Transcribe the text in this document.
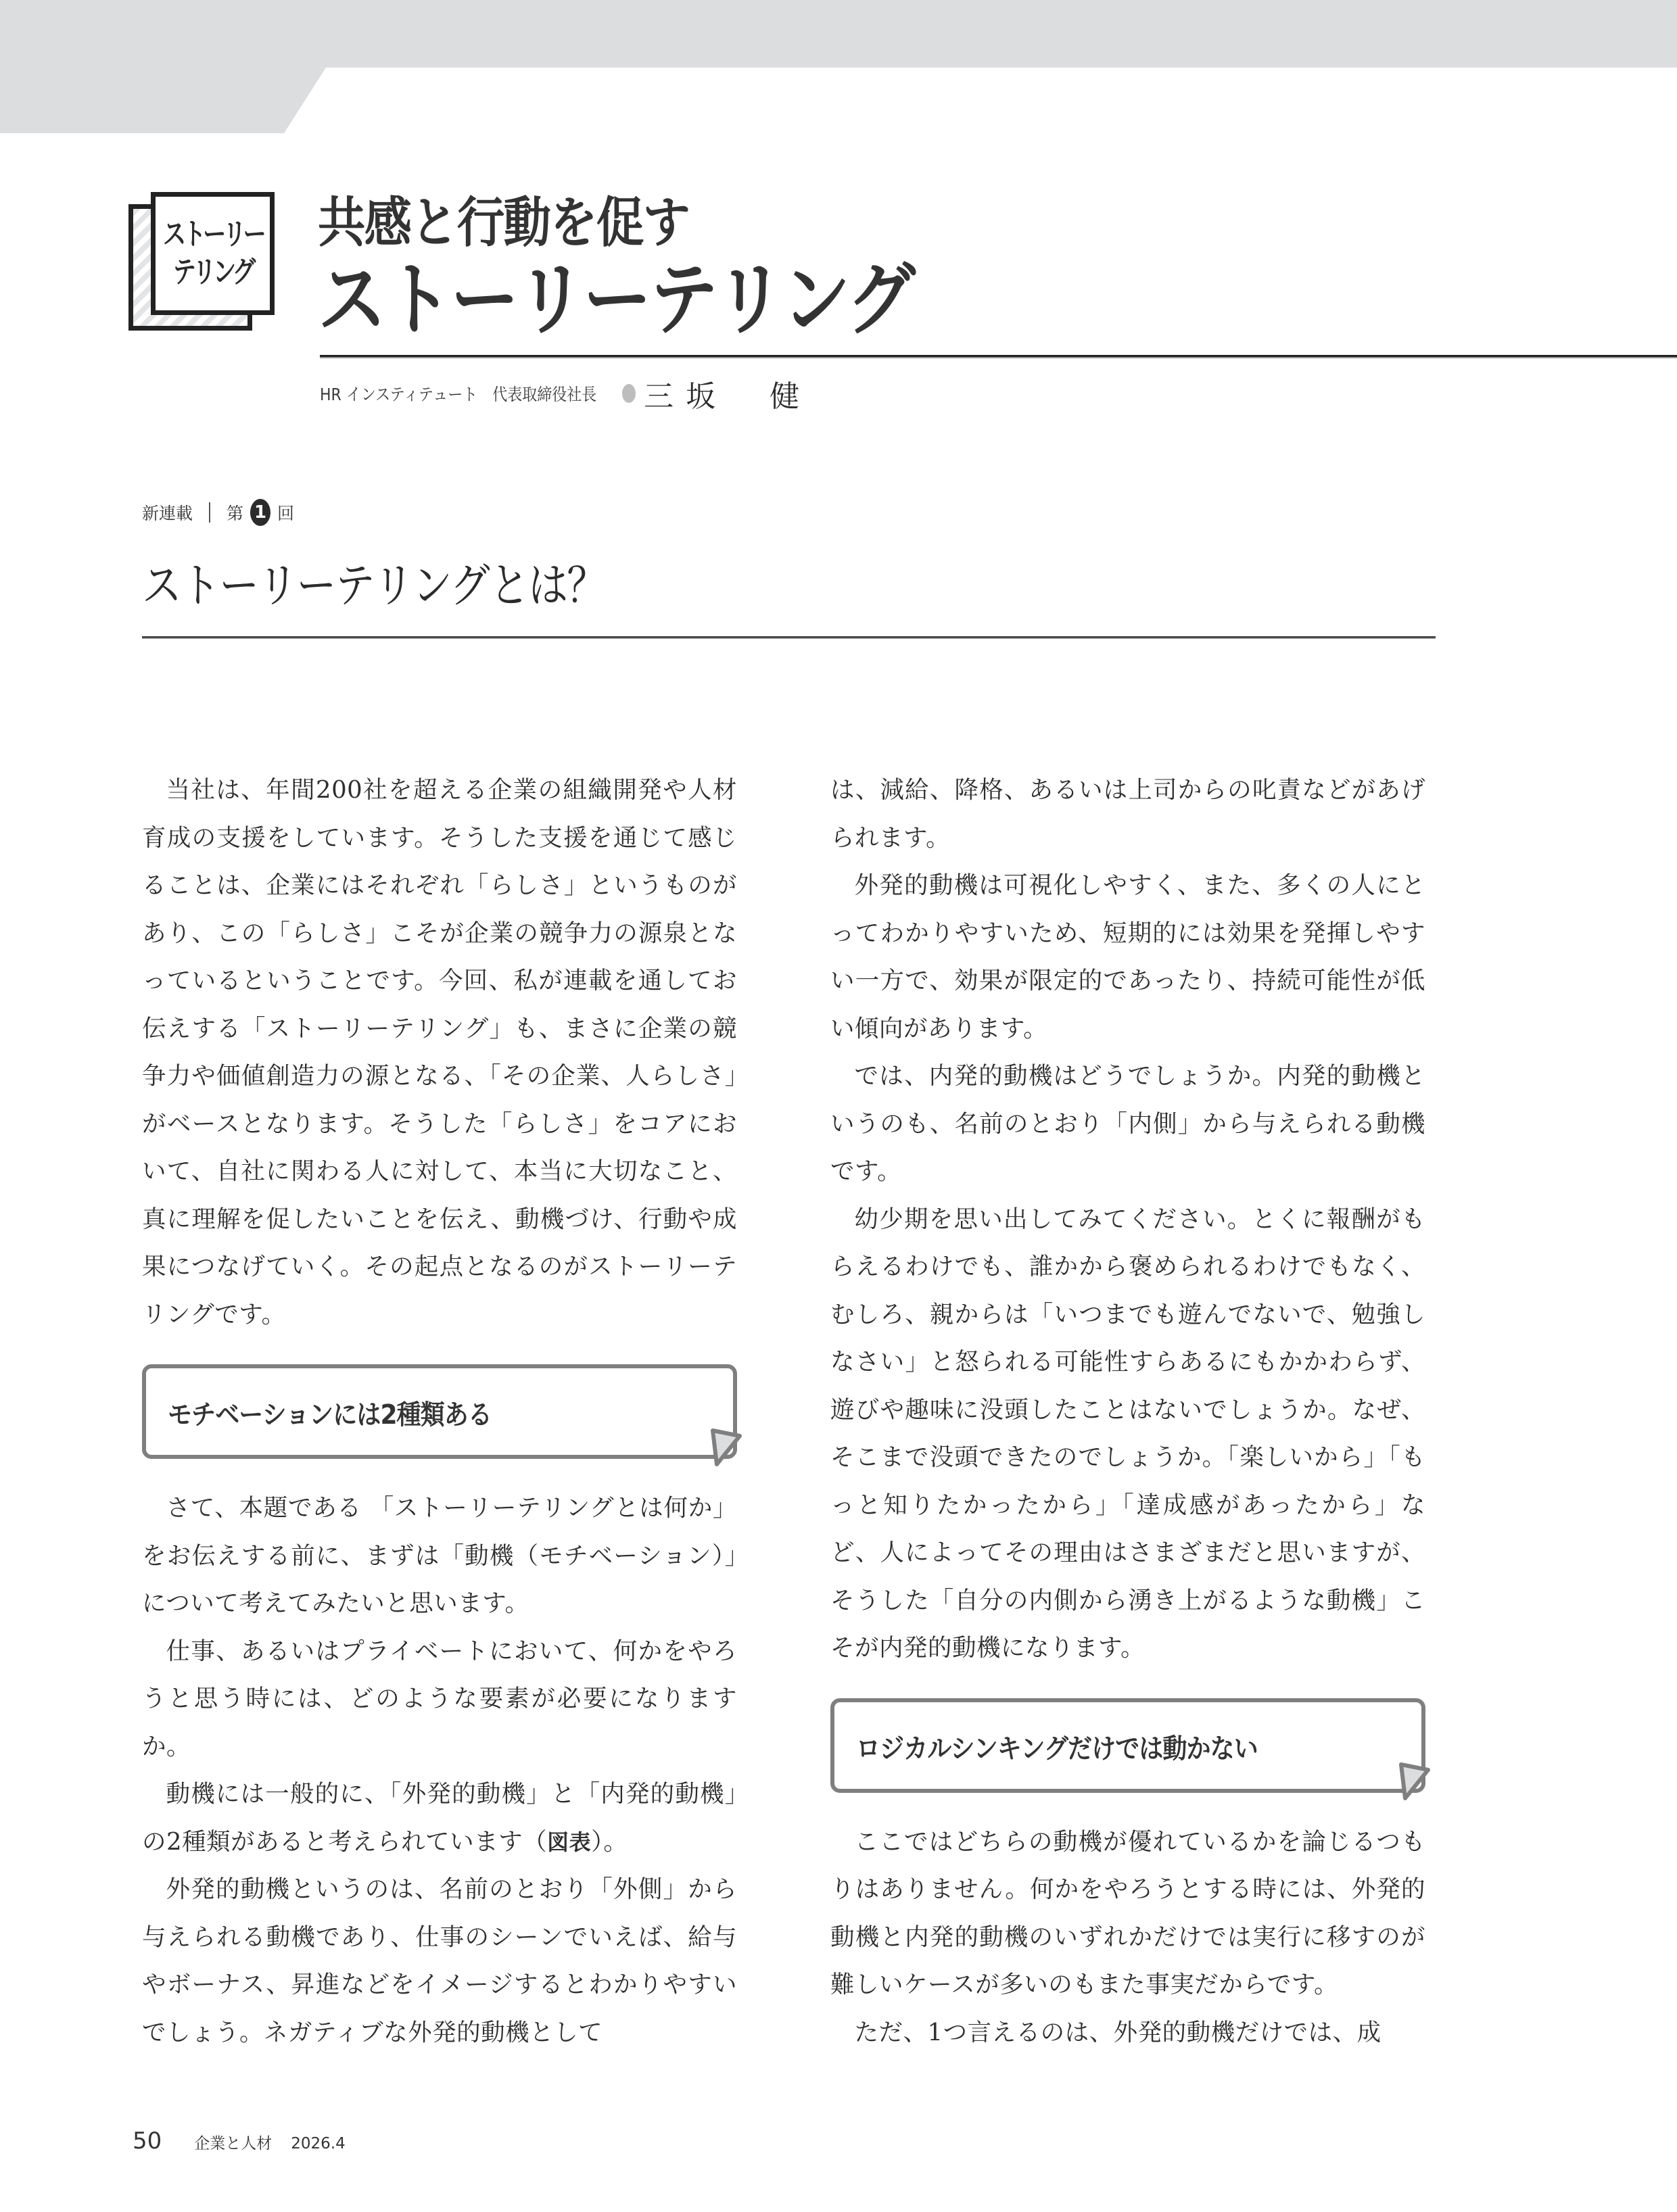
ストーリー
テリング
共感と行動を促す
ストーリーテリング
HR インスティテュート　代表取締役社長 三坂　健
新連載 第 1 回
ストーリーテリングとは？

当社は、年間200社を超える企業の組織開発や人材育成の支援をしています。そうした支援を通じて感じることは、企業にはそれぞれ「らしさ」というものがあり、この「らしさ」こそが企業の競争力の源泉となっているということです。今回、私が連載を通してお伝えする「ストーリーテリング」も、まさに企業の競争力や価値創造力の源となる、「その企業、人らしさ」がベースとなります。そうした「らしさ」をコアにおいて、自社に関わる人に対して、本当に大切なこと、真に理解を促したいことを伝え、動機づけ、行動や成果につなげていく。その起点となるのがストーリーテリングです。

モチベーションには2種類ある

さて、本題である 「ストーリーテリングとは何か」をお伝えする前に、まずは「動機（モチベーション）」について考えてみたいと思います。

仕事、あるいはプライベートにおいて、何かをやろうと思う時には、どのような要素が必要になりますか。

動機には一般的に、「外発的動機」と「内発的動機」の2種類があると考えられています（図表）。

外発的動機というのは、名前のとおり「外側」から与えられる動機であり、仕事のシーンでいえば、給与やボーナス、昇進などをイメージするとわかりやすいでしょう。ネガティブな外発的動機として

は、減給、降格、あるいは上司からの叱責などがあげられます。

外発的動機は可視化しやすく、また、多くの人にとってわかりやすいため、短期的には効果を発揮しやすい一方で、効果が限定的であったり、持続可能性が低い傾向があります。

では、内発的動機はどうでしょうか。内発的動機というのも、名前のとおり「内側」から与えられる動機です。

幼少期を思い出してみてください。とくに報酬がもらえるわけでも、誰かから褒められるわけでもなく、むしろ、親からは「いつまでも遊んでないで、勉強しなさい」と怒られる可能性すらあるにもかかわらず、遊びや趣味に没頭したことはないでしょうか。なぜ、そこまで没頭できたのでしょうか。「楽しいから」「もっと知りたかったから」「達成感があったから」など、人によってその理由はさまざまだと思いますが、そうした「自分の内側から湧き上がるような動機」こそが内発的動機になります。

ロジカルシンキングだけでは動かない

ここではどちらの動機が優れているかを論じるつもりはありません。何かをやろうとする時には、外発的動機と内発的動機のいずれかだけでは実行に移すのが難しいケースが多いのもまた事実だからです。

ただ、1つ言えるのは、外発的動機だけでは、成

50 企業と人材 2026.4
